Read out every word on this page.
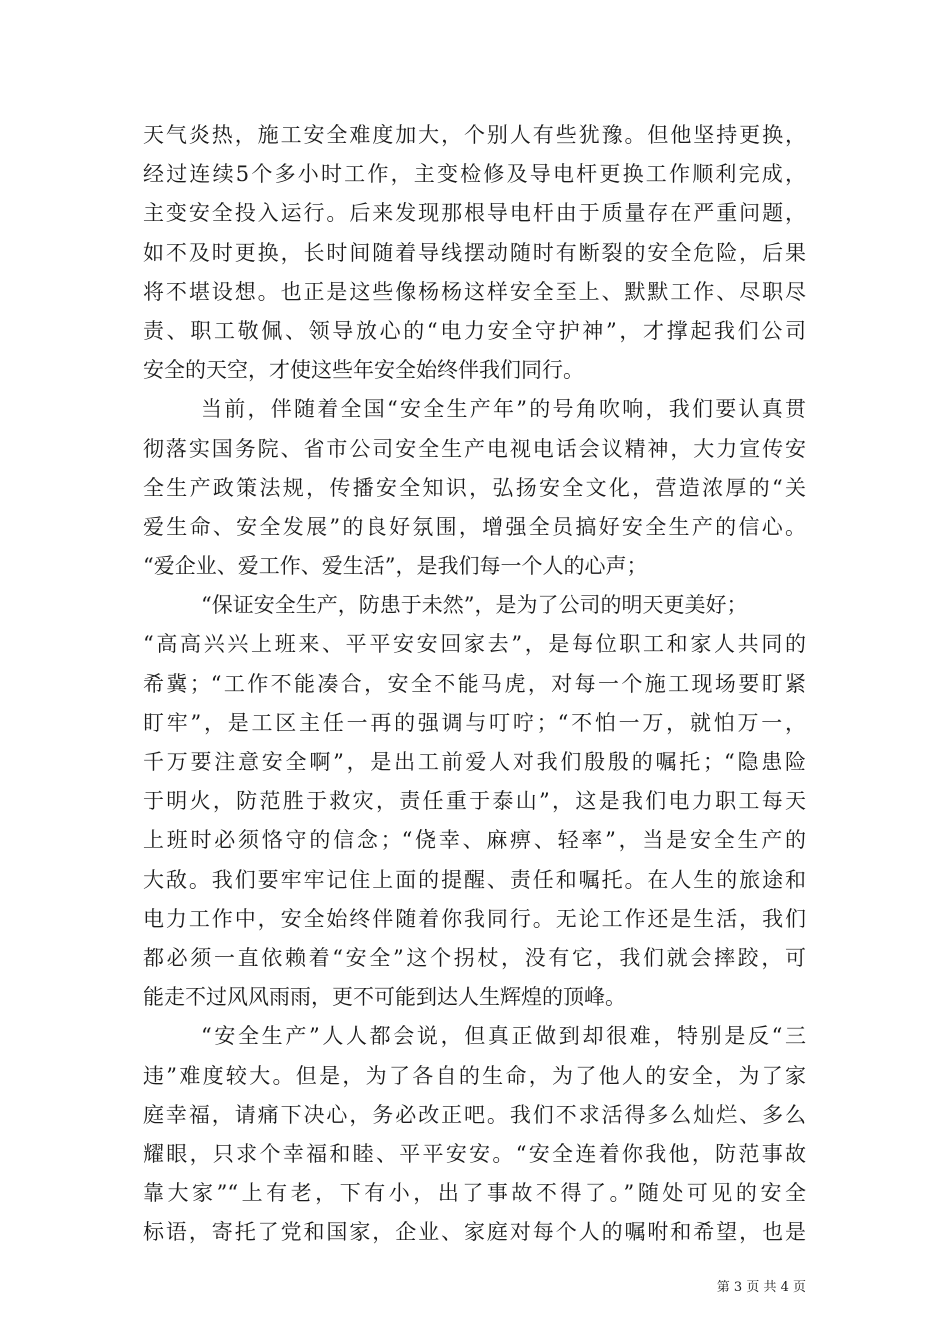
天气炎热，施工安全难度加大，个别人有些犹豫。但他坚持更换，
经过连续5个多小时工作，主变检修及导电杆更换工作顺利完成，
主变安全投入运行。后来发现那根导电杆由于质量存在严重问题，
如不及时更换，长时间随着导线摆动随时有断裂的安全危险，后果
将不堪设想。也正是这些像杨杨这样安全至上、默默工作、尽职尽
责、职工敬佩、领导放心的“电力安全守护神”，才撑起我们公司
安全的天空，才使这些年安全始终伴我们同行。
当前，伴随着全国“安全生产年”的号角吹响，我们要认真贯
彻落实国务院、省市公司安全生产电视电话会议精神，大力宣传安
全生产政策法规，传播安全知识，弘扬安全文化，营造浓厚的“关
爱生命、安全发展”的良好氛围，增强全员搞好安全生产的信心。
“爱企业、爱工作、爱生活”，是我们每一个人的心声；
“保证安全生产，防患于未然”，是为了公司的明天更美好；
“高高兴兴上班来、平平安安回家去”，是每位职工和家人共同的
希冀；“工作不能凑合，安全不能马虎，对每一个施工现场要盯紧
盯牢”，是工区主任一再的强调与叮咛；“不怕一万，就怕万一，
千万要注意安全啊”，是出工前爱人对我们殷殷的嘱托；“隐患险
于明火，防范胜于救灾，责任重于泰山”，这是我们电力职工每天
上班时必须恪守的信念；“侥幸、麻痹、轻率”，当是安全生产的
大敌。我们要牢牢记住上面的提醒、责任和嘱托。在人生的旅途和
电力工作中，安全始终伴随着你我同行。无论工作还是生活，我们
都必须一直依赖着“安全”这个拐杖，没有它，我们就会摔跤，可
能走不过风风雨雨，更不可能到达人生辉煌的顶峰。
“安全生产”人人都会说，但真正做到却很难，特别是反“三
违”难度较大。但是，为了各自的生命，为了他人的安全，为了家
庭幸福，请痛下决心，务必改正吧。我们不求活得多么灿烂、多么
耀眼，只求个幸福和睦、平平安安。“安全连着你我他，防范事故
靠大家”“上有老，下有小，出了事故不得了。”随处可见的安全
标语，寄托了党和国家，企业、家庭对每个人的嘱咐和希望，也是
第 3 页 共 4 页
